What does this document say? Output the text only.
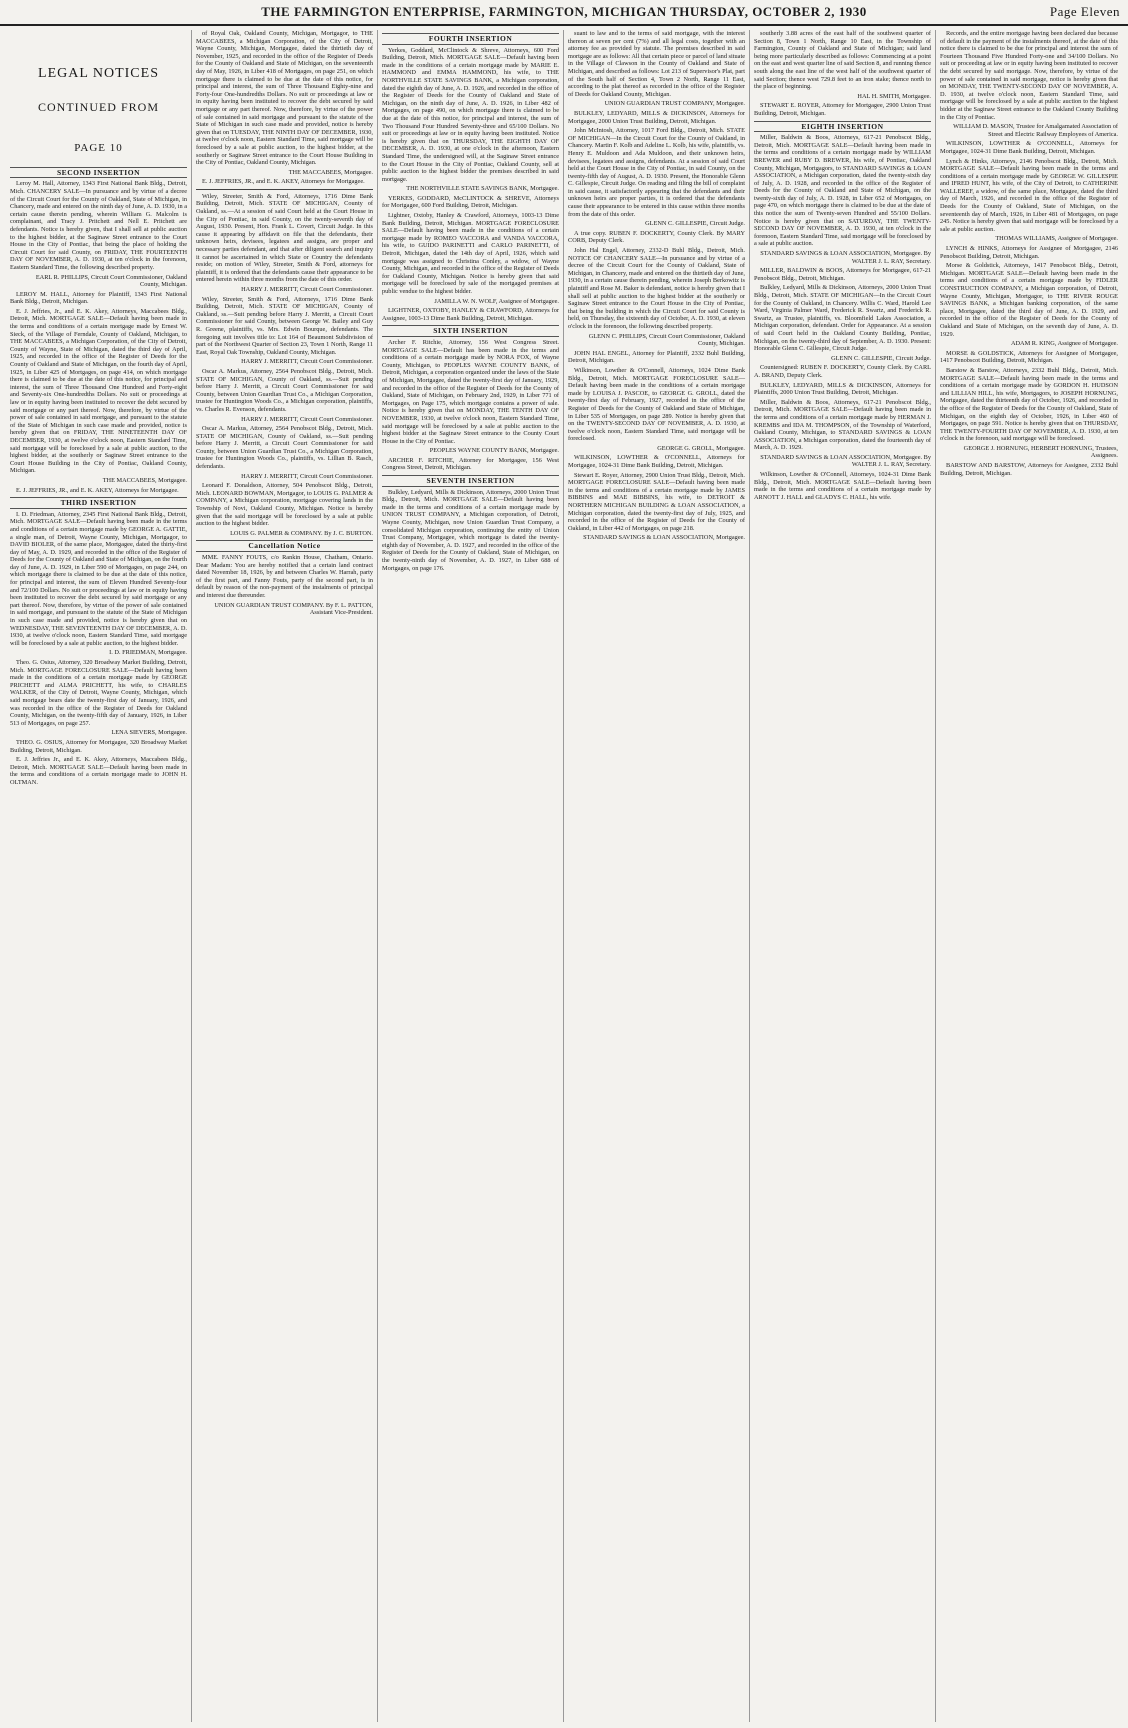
THE FARMINGTON ENTERPRISE, FARMINGTON, MICHIGAN THURSDAY, OCTOBER 2, 1930	Page Eleven
LEGAL NOTICES
CONTINUED FROM
PAGE 10
SECOND INSERTION

Leroy M. Hall, Attorney, 1343 First National Bank Bldg., Detroit, Mich. CHANCERY SALE—In pursuance and by virtue of a decree of the Circuit Court for the County of Oakland, State of Michigan, in Chancery, made and entered on the ninth day of June, A. D. 1930, in a certain cause therein pending, wherein William G. Malcolm is complainant, and Tracy J. Pritchett and Nell E. Pritchett are defendants. Notice is hereby given, that I shall sell at public auction to the highest bidder, at the Saginaw Street entrance to the Court House in the City of Pontiac, that being the place of holding the Circuit Court for said County, on FRIDAY, THE FOURTEENTH DAY OF NOVEMBER, A. D. 1930, at ten o'clock in the forenoon, Eastern Standard Time, the following described property.

EARL R. PHILLIPS, Circuit Court Commissioner, Oakland County, Michigan.

LEROY M. HALL, Attorney for Plaintiff, 1343 First National Bank Bldg., Detroit, Michigan.

E. J. Jeffries, Jr., and E. K. Akey, Attorneys, Maccabees Bldg., Detroit, Mich. MORTGAGE SALE—Default having been made in the terms and conditions of a certain mortgage made by Ernest W. Sieck, of the Village of Ferndale, County of Oakland, Michigan, to THE MACCABEES, a Michigan Corporation, of the City of Detroit, County of Wayne, State of Michigan, dated the third day of April, 1925, and recorded in the office of the Register of Deeds for the County of Oakland and State of Michigan, on the fourth day of April, 1925, in Liber 425 of Mortgages, on page 414, on which mortgage there is claimed to be due at the date of this notice, for principal and interest, the sum of Three Thousand One Hundred and Forty-eight and Seventy-six One-hundredths Dollars. No suit or proceedings at law or in equity having been instituted to recover the debt secured by said mortgage or any part thereof. Now, therefore, by virtue of the power of sale contained in said mortgage, and pursuant to the statute of the State of Michigan in such case made and provided, notice is hereby given that on FRIDAY, THE NINETEENTH DAY OF DECEMBER, 1930, at twelve o'clock noon, Eastern Standard Time, said mortgage will be foreclosed by a sale at public auction, to the highest bidder, at the southerly or Saginaw Street entrance to the Court House Building in the City of Pontiac, Oakland County, Michigan.

THE MACCABEES, Mortgagee.

E. J. JEFFRIES, JR., and E. K. AKEY, Attorneys for Mortgagee.

THIRD INSERTION

I. D. Friedman, Attorney, 2345 First National Bank Bldg., Detroit, Mich. MORTGAGE SALE—Default having been made in the terms and conditions of a certain mortgage made by GEORGE A. GATTIE, a single man, of Detroit, Wayne County, Michigan, Mortgagor, to DAVID BIOLER, of the same place, Mortgagee, dated the thirty-first day of May, A. D. 1929, and recorded in the office of the Register of Deeds for the County of Oakland and State of Michigan, on the fourth day of June, A. D. 1929, in Liber 590 of Mortgages, on page 244, on which mortgage there is claimed to be due at the date of this notice, for principal and interest, the sum of Eleven Hundred Seventy-four and 72/100 Dollars. No suit or proceedings at law or in equity having been instituted to recover the debt secured by said mortgage or any part thereof. Now, therefore, by virtue of the power of sale contained in said mortgage, and pursuant to the statute of the State of Michigan in such case made and provided, notice is hereby given that on WEDNESDAY, THE SEVENTEENTH DAY OF DECEMBER, A. D. 1930, at twelve o'clock noon, Eastern Standard Time, said mortgage will be foreclosed by a sale at public auction, to the highest bidder.

I. D. FRIEDMAN, Mortgagee.

Theo. G. Osius, Attorney, 320 Broadway Market Building, Detroit, Mich. MORTGAGE FORECLOSURE SALE—Default having been made in the conditions of a certain mortgage made by GEORGE PRICHETT and ALMA PRICHETT, his wife, to CHARLES WALKER, of the City of Detroit, Wayne County, Michigan, which said mortgage bears date the twenty-first day of January, 1926, and was recorded in the office of the Register of Deeds for Oakland County, Michigan, on the twenty-fifth day of January, 1926, in Liber 513 of Mortgages, on page 257.

LENA SIEVERS, Mortgagee.

THEO. G. OSIUS, Attorney for Mortgagee, 320 Broadway Market Building, Detroit, Michigan.

E. J. Jeffries Jr., and E. K. Akey, Attorneys, Maccabees Bldg., Detroit, Mich. MORTGAGE SALE—Default having been made in the terms and conditions of a certain mortgage made to JOHN H. OLTMAN.

of Royal Oak, Oakland County, Michigan, Mortgagor, to THE MACCABEES, a Michigan Corporation, of the City of Detroit, Wayne County, Michigan, Mortgagee, dated the thirtieth day of November, 1925, and recorded in the office of the Register of Deeds for the County of Oakland and State of Michigan, on the seventeenth day of May, 1926, in Liber 418 of Mortgages, on page 251, on which mortgage there is claimed to be due at the date of this notice, for principal and interest, the sum of Three Thousand Eighty-nine and Forty-four One-hundredths Dollars. No suit or proceedings at law or in equity having been instituted to recover the debt secured by said mortgage or any part thereof. Now, therefore, by virtue of the power of sale contained in said mortgage and pursuant to the statute of the State of Michigan in such case made and provided, notice is hereby given that on TUESDAY, THE NINTH DAY OF DECEMBER, 1930, at twelve o'clock noon, Eastern Standard Time, said mortgage will be foreclosed by a sale at public auction, to the highest bidder, at the southerly or Saginaw Street entrance to the Court House Building in the City of Pontiac, Oakland County, Michigan.

THE MACCABEES, Mortgagee.

E. J. JEFFRIES, JR., and E. K. AKEY, Attorneys for Mortgagee.

Wiley, Streeter, Smith & Ford, Attorneys, 1716 Dime Bank Building, Detroit, Mich. STATE OF MICHIGAN, County of Oakland, ss.—At a session of said Court held at the Court House in the City of Pontiac, in said County, on the twenty-seventh day of August, 1930. Present, Hon. Frank L. Covert, Circuit Judge. In this cause it appearing by affidavit on file that the defendants, their unknown heirs, devisees, legatees and assigns, are proper and necessary parties defendant, and that after diligent search and inquiry it cannot be ascertained in which State or Country the defendants reside; on motion of Wiley, Streeter, Smith & Ford, attorneys for plaintiff, it is ordered that the defendants cause their appearance to be entered herein within three months from the date of this order.

HARRY J. MERRITT, Circuit Court Commissioner.

Wiley, Streeter, Smith & Ford, Attorneys, 1716 Dime Bank Building, Detroit, Mich. STATE OF MICHIGAN, County of Oakland, ss.—Suit pending before Harry J. Merritt, a Circuit Court Commissioner for said County, between George W. Bailey and Guy R. Greene, plaintiffs, vs. Mrs. Edwin Bourque, defendants. The foregoing suit involves title to: Lot 164 of Beaumont Subdivision of part of the Northwest Quarter of Section 23, Town 1 North, Range 11 East, Royal Oak Township, Oakland County, Michigan.

HARRY J. MERRITT, Circuit Court Commissioner.

Oscar A. Markus, Attorney, 2564 Penobscot Bldg., Detroit, Mich. STATE OF MICHIGAN, County of Oakland, ss.—Suit pending before Harry J. Merritt, a Circuit Court Commissioner for said County, between Union Guardian Trust Co., a Michigan Corporation, trustee for Huntington Woods Co., a Michigan corporation, plaintiffs, vs. Charles R. Evenson, defendants.

HARRY J. MERRITT, Circuit Court Commissioner.

Oscar A. Markus, Attorney, 2564 Penobscot Bldg., Detroit, Mich. STATE OF MICHIGAN, County of Oakland, ss.—Suit pending before Harry J. Merritt, a Circuit Court Commissioner for said County, between Union Guardian Trust Co., a Michigan Corporation, trustee for Huntington Woods Co., plaintiffs, vs. Lillian B. Rasch, defendants.

HARRY J. MERRITT, Circuit Court Commissioner.

Leonard F. Donaldson, Attorney, 504 Penobscot Bldg., Detroit, Mich. LEONARD BOWMAN, Mortgagor, to LOUIS G. PALMER & COMPANY, a Michigan corporation, mortgage covering lands in the Township of Novi, Oakland County, Michigan. Notice is hereby given that the said mortgage will be foreclosed by a sale at public auction to the highest bidder.

LOUIS G. PALMER & COMPANY. By J. C. BURTON.

Cancellation Notice

MME. FANNY FOUTS, c/o Rankin House, Chatham, Ontario. Dear Madam: You are hereby notified that a certain land contract dated November 18, 1926, by and between Charles W. Harrah, party of the first part, and Fanny Fouts, party of the second part, is in default by reason of the non-payment of the instalments of principal and interest due thereunder.

UNION GUARDIAN TRUST COMPANY. By F. L. PATTON, Assistant Vice-President.

FOURTH INSERTION

Yerkes, Goddard, McClintock & Shreve, Attorneys, 600 Ford Building, Detroit, Mich. MORTGAGE SALE—Default having been made in the conditions of a certain mortgage made by MARIE E. HAMMOND and EMMA HAMMOND, his wife, to THE NORTHVILLE STATE SAVINGS BANK, a Michigan corporation, dated the eighth day of June, A. D. 1926, and recorded in the office of the Register of Deeds for the County of Oakland and State of Michigan, on the ninth day of June, A. D. 1926, in Liber 482 of Mortgages, on page 490, on which mortgage there is claimed to be due at the date of this notice, for principal and interest, the sum of Two Thousand Four Hundred Seventy-three and 65/100 Dollars. No suit or proceedings at law or in equity having been instituted. Notice is hereby given that on THURSDAY, THE EIGHTH DAY OF DECEMBER, A. D. 1930, at one o'clock in the afternoon, Eastern Standard Time, the undersigned will, at the Saginaw Street entrance to the Court House in the City of Pontiac, Oakland County, sell at public auction to the highest bidder the premises described in said mortgage.

THE NORTHVILLE STATE SAVINGS BANK, Mortgagee.

YERKES, GODDARD, McCLINTOCK & SHREVE, Attorneys for Mortgagee, 600 Ford Building, Detroit, Michigan.

Lightner, Oxtoby, Hanley & Crawford, Attorneys, 1003-13 Dime Bank Building, Detroit, Michigan. MORTGAGE FORECLOSURE SALE—Default having been made in the conditions of a certain mortgage made by ROMEO VACCORA and VANDA VACCORA, his wife, to GUIDO PARINETTI and CARLO PARINETTI, of Detroit, Michigan, dated the 14th day of April, 1926, which said mortgage was assigned to Christina Conley, a widow, of Wayne County, Michigan, and recorded in the office of the Register of Deeds for Oakland County, Michigan. Notice is hereby given that said mortgage will be foreclosed by sale of the mortgaged premises at public vendue to the highest bidder.

JAMILLA W. N. WOLF, Assignee of Mortgagee.

LIGHTNER, OXTOBY, HANLEY & CRAWFORD, Attorneys for Assignee, 1003-13 Dime Bank Building, Detroit, Michigan.

SIXTH INSERTION

Archer F. Ritchie, Attorney, 156 West Congress Street. MORTGAGE SALE—Default has been made in the terms and conditions of a certain mortgage made by NORA FOX, of Wayne County, Michigan, to PEOPLES WAYNE COUNTY BANK, of Detroit, Michigan, a corporation organized under the laws of the State of Michigan, Mortgagee, dated the twenty-first day of January, 1929, and recorded in the office of the Register of Deeds for the County of Oakland, State of Michigan, on February 2nd, 1929, in Liber 771 of Mortgages, on Page 175, which mortgage contains a power of sale. Notice is hereby given that on MONDAY, THE TENTH DAY OF NOVEMBER, 1930, at twelve o'clock noon, Eastern Standard Time, said mortgage will be foreclosed by a sale at public auction to the highest bidder at the Saginaw Street entrance to the County Court House in the City of Pontiac.

PEOPLES WAYNE COUNTY BANK, Mortgagee.

ARCHER F. RITCHIE, Attorney for Mortgagee, 156 West Congress Street, Detroit, Michigan.

SEVENTH INSERTION

Bulkley, Ledyard, Mills & Dickinson, Attorneys, 2000 Union Trust Bldg., Detroit, Mich. MORTGAGE SALE—Default having been made in the terms and conditions of a certain mortgage made by UNION TRUST COMPANY, a Michigan corporation, of Detroit, Wayne County, Michigan, now Union Guardian Trust Company, a consolidated Michigan corporation, continuing the entity of Union Trust Company, Mortgagee, which mortgage is dated the twenty-eighth day of November, A. D. 1927, and recorded in the office of the Register of Deeds for the County of Oakland, State of Michigan, on the twenty-ninth day of November, A. D. 1927, in Liber 688 of Mortgages, on page 176.

suant to law and to the terms of said mortgage, with the interest thereon at seven per cent (7%) and all legal costs, together with an attorney fee as provided by statute. The premises described in said mortgage are as follows: All that certain piece or parcel of land situate in the Village of Clawson in the County of Oakland and State of Michigan, and described as follows: Lot 213 of Supervisor's Plat, part of the South half of Section 4, Town 2 North, Range 11 East, according to the plat thereof as recorded in the office of the Register of Deeds for Oakland County, Michigan.

UNION GUARDIAN TRUST COMPANY, Mortgagee.

BULKLEY, LEDYARD, MILLS & DICKINSON, Attorneys for Mortgagee, 2000 Union Trust Building, Detroit, Michigan.

John McIntosh, Attorney, 1017 Ford Bldg., Detroit, Mich. STATE OF MICHIGAN—In the Circuit Court for the County of Oakland, in Chancery. Martin F. Kolb and Adeline L. Kolb, his wife, plaintiffs, vs. Henry E. Muldoon and Ada Muldoon, and their unknown heirs, devisees, legatees and assigns, defendants. At a session of said Court held at the Court House in the City of Pontiac, in said County, on the twenty-fifth day of August, A. D. 1930. Present, the Honorable Glenn C. Gillespie, Circuit Judge. On reading and filing the bill of complaint in said cause, it satisfactorily appearing that the defendants and their unknown heirs are proper parties, it is ordered that the defendants cause their appearance to be entered in this cause within three months from the date of this order.

GLENN C. GILLESPIE, Circuit Judge.

A true copy. RUBEN F. DOCKERTY, County Clerk. By MARY CORB, Deputy Clerk.

John Hal Engel, Attorney, 2332-D Buhl Bldg., Detroit, Mich. NOTICE OF CHANCERY SALE—In pursuance and by virtue of a decree of the Circuit Court for the County of Oakland, State of Michigan, in Chancery, made and entered on the thirtieth day of June, 1930, in a certain cause therein pending, wherein Joseph Berkowitz is plaintiff and Rose M. Baker is defendant, notice is hereby given that I shall sell at public auction to the highest bidder at the southerly or Saginaw Street entrance to the Court House in the City of Pontiac, that being the building in which the Circuit Court for said County is held, on Thursday, the sixteenth day of October, A. D. 1930, at eleven o'clock in the forenoon, the following described property.

GLENN C. PHILLIPS, Circuit Court Commissioner, Oakland County, Michigan.

JOHN HAL ENGEL, Attorney for Plaintiff, 2332 Buhl Building, Detroit, Michigan.

Wilkinson, Lowther & O'Connell, Attorneys, 1024 Dime Bank Bldg., Detroit, Mich. MORTGAGE FORECLOSURE SALE—Default having been made in the conditions of a certain mortgage made by LOUISA J. PASCOE, to GEORGE G. GROLL, dated the twenty-first day of February, 1927, recorded in the office of the Register of Deeds for the County of Oakland and State of Michigan, in Liber 535 of Mortgages, on page 289. Notice is hereby given that on the TWENTY-SECOND DAY OF NOVEMBER, A. D. 1930, at twelve o'clock noon, Eastern Standard Time, said mortgage will be foreclosed.

GEORGE G. GROLL, Mortgagee.

WILKINSON, LOWTHER & O'CONNELL, Attorneys for Mortgagee, 1024-31 Dime Bank Building, Detroit, Michigan.

Stewart E. Royer, Attorney, 2900 Union Trust Bldg., Detroit, Mich. MORTGAGE FORECLOSURE SALE—Default having been made in the terms and conditions of a certain mortgage made by JAMES BIBBINS and MAE BIBBINS, his wife, to DETROIT & NORTHERN MICHIGAN BUILDING & LOAN ASSOCIATION, a Michigan corporation, dated the twenty-first day of July, 1925, and recorded in the office of the Register of Deeds for the County of Oakland, in Liber 442 of Mortgages, on page 218.

STANDARD SAVINGS & LOAN ASSOCIATION, Mortgagee.

southerly 3.88 acres of the east half of the southwest quarter of Section 8, Town 1 North, Range 10 East, in the Township of Farmington, County of Oakland and State of Michigan; said land being more particularly described as follows: Commencing at a point on the east and west quarter line of said Section 8, and running thence south along the east line of the west half of the southwest quarter of said Section; thence west 729.8 feet to an iron stake; thence north to the place of beginning.

HAL H. SMITH, Mortgagee.

STEWART E. ROYER, Attorney for Mortgagee, 2900 Union Trust Building, Detroit, Michigan.

EIGHTH INSERTION

Miller, Baldwin & Boos, Attorneys, 617-21 Penobscot Bldg., Detroit, Mich. MORTGAGE SALE—Default having been made in the terms and conditions of a certain mortgage made by WILLIAM BREWER and RUBY D. BREWER, his wife, of Pontiac, Oakland County, Michigan, Mortgagors, to STANDARD SAVINGS & LOAN ASSOCIATION, a Michigan corporation, dated the twenty-sixth day of July, A. D. 1928, and recorded in the office of the Register of Deeds for the County of Oakland and State of Michigan, on the twenty-sixth day of July, A. D. 1928, in Liber 652 of Mortgages, on page 470, on which mortgage there is claimed to be due at the date of this notice the sum of Twenty-seven Hundred and 55/100 Dollars. Notice is hereby given that on SATURDAY, THE TWENTY-SECOND DAY OF NOVEMBER, A. D. 1930, at ten o'clock in the forenoon, Eastern Standard Time, said mortgage will be foreclosed by a sale at public auction.

STANDARD SAVINGS & LOAN ASSOCIATION, Mortgagee. By WALTER J. L. RAY, Secretary.

MILLER, BALDWIN & BOOS, Attorneys for Mortgagee, 617-21 Penobscot Bldg., Detroit, Michigan.

Bulkley, Ledyard, Mills & Dickinson, Attorneys, 2000 Union Trust Bldg., Detroit, Mich. STATE OF MICHIGAN—In the Circuit Court for the County of Oakland, in Chancery. Willis C. Ward, Harold Lee Ward, Virginia Palmer Ward, Frederick R. Swartz, and Frederick R. Swartz, as Trustee, plaintiffs, vs. Bloomfield Lakes Association, a Michigan corporation, defendant. Order for Appearance. At a session of said Court held in the Oakland County Building, Pontiac, Michigan, on the twenty-third day of September, A. D. 1930. Present: Honorable Glenn C. Gillespie, Circuit Judge.

GLENN C. GILLESPIE, Circuit Judge.

Countersigned: RUBEN F. DOCKERTY, County Clerk. By CARL A. BRAND, Deputy Clerk.

BULKLEY, LEDYARD, MILLS & DICKINSON, Attorneys for Plaintiffs, 2000 Union Trust Building, Detroit, Michigan.

Miller, Baldwin & Boos, Attorneys, 617-21 Penobscot Bldg., Detroit, Mich. MORTGAGE SALE—Default having been made in the terms and conditions of a certain mortgage made by HERMAN J. KREMBS and IDA M. THOMPSON, of the Township of Waterford, Oakland County, Michigan, to STANDARD SAVINGS & LOAN ASSOCIATION, a Michigan corporation, dated the fourteenth day of March, A. D. 1929.

STANDARD SAVINGS & LOAN ASSOCIATION, Mortgagee. By WALTER J. L. RAY, Secretary.

Wilkinson, Lowther & O'Connell, Attorneys, 1024-31 Dime Bank Bldg., Detroit, Mich. MORTGAGE SALE—Default having been made in the terms and conditions of a certain mortgage made by ARNOTT J. HALL and GLADYS C. HALL, his wife.

Records, and the entire mortgage having been declared due because of default in the payment of the instalments thereof, at the date of this notice there is claimed to be due for principal and interest the sum of Fourteen Thousand Five Hundred Forty-one and 34/100 Dollars. No suit or proceeding at law or in equity having been instituted to recover the debt secured by said mortgage. Now, therefore, by virtue of the power of sale contained in said mortgage, notice is hereby given that on MONDAY, THE TWENTY-SECOND DAY OF NOVEMBER, A. D. 1930, at twelve o'clock noon, Eastern Standard Time, said mortgage will be foreclosed by a sale at public auction to the highest bidder at the Saginaw Street entrance to the Oakland County Building in the City of Pontiac.

WILLIAM D. MASON, Trustee for Amalgamated Association of Street and Electric Railway Employees of America.

WILKINSON, LOWTHER & O'CONNELL, Attorneys for Mortgagee, 1024-31 Dime Bank Building, Detroit, Michigan.

Lynch & Hinks, Attorneys, 2146 Penobscot Bldg., Detroit, Mich. MORTGAGE SALE—Default having been made in the terms and conditions of a certain mortgage made by GEORGE W. GILLESPIE and IFRED HUNT, his wife, of the City of Detroit, to CATHERINE WALLEREF, a widow, of the same place, Mortgagee, dated the third day of March, 1926, and recorded in the office of the Register of Deeds for the County of Oakland, State of Michigan, on the seventeenth day of March, 1926, in Liber 481 of Mortgages, on page 245. Notice is hereby given that said mortgage will be foreclosed by a sale at public auction.

THOMAS WILLIAMS, Assignee of Mortgagee.

LYNCH & HINKS, Attorneys for Assignee of Mortgagee, 2146 Penobscot Building, Detroit, Michigan.

Morse & Goldstick, Attorneys, 1417 Penobscot Bldg., Detroit, Michigan. MORTGAGE SALE—Default having been made in the terms and conditions of a certain mortgage made by FIDLER CONSTRUCTION COMPANY, a Michigan corporation, of Detroit, Wayne County, Michigan, Mortgagor, to THE RIVER ROUGE SAVINGS BANK, a Michigan banking corporation, of the same place, Mortgagee, dated the third day of June, A. D. 1929, and recorded in the office of the Register of Deeds for the County of Oakland and State of Michigan, on the seventh day of June, A. D. 1929.

ADAM R. KING, Assignee of Mortgagee.

MORSE & GOLDSTICK, Attorneys for Assignee of Mortgagee, 1417 Penobscot Building, Detroit, Michigan.

Barstow & Barstow, Attorneys, 2332 Buhl Bldg., Detroit, Mich. MORTGAGE SALE—Default having been made in the terms and conditions of a certain mortgage made by GORDON H. HUDSON and LILLIAN HILL, his wife, Mortgagors, to JOSEPH HORNUNG, Mortgagee, dated the thirteenth day of October, 1926, and recorded in the office of the Register of Deeds for the County of Oakland, State of Michigan, on the eighth day of October, 1926, in Liber 460 of Mortgages, on page 591. Notice is hereby given that on THURSDAY, THE TWENTY-FOURTH DAY OF NOVEMBER, A. D. 1930, at ten o'clock in the forenoon, said mortgage will be foreclosed.

GEORGE J. HORNUNG, HERBERT HORNUNG, Trustees, Assignees.

BARSTOW AND BARSTOW, Attorneys for Assignee, 2332 Buhl Building, Detroit, Michigan.
